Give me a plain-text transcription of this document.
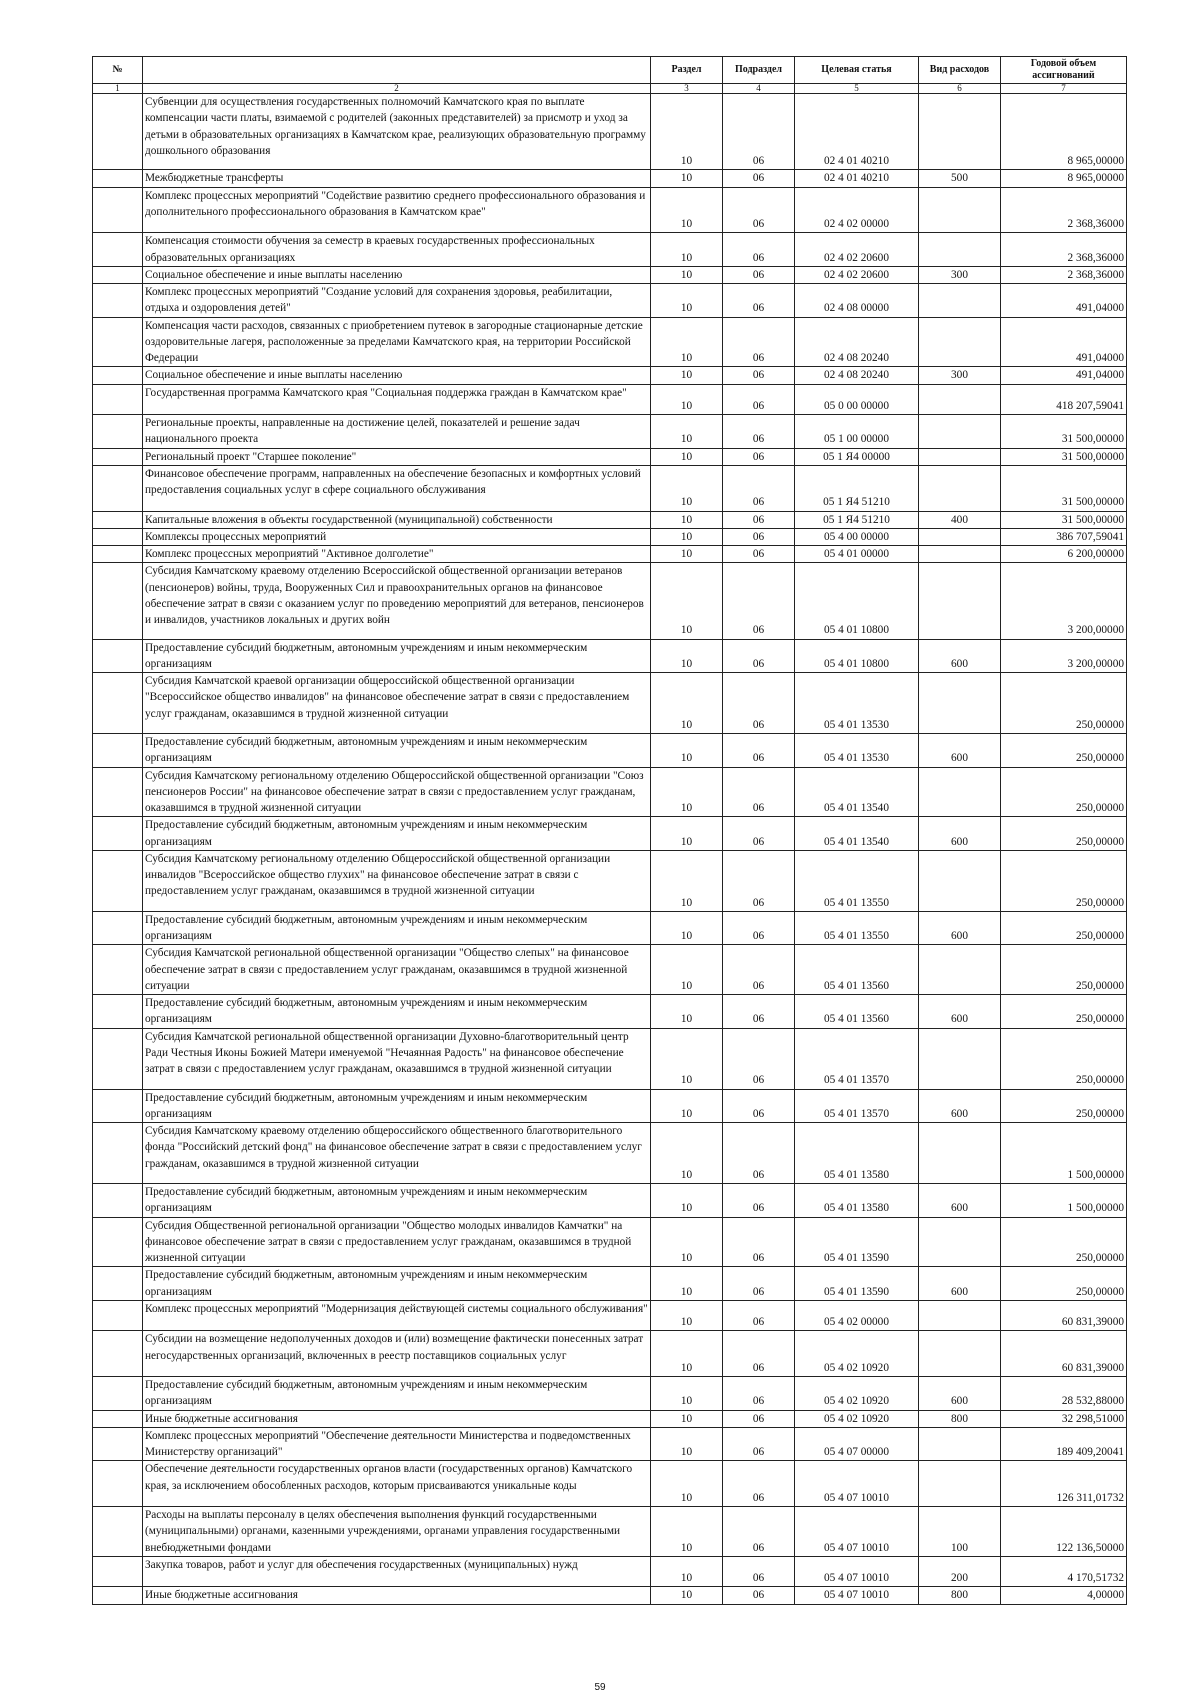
№		Раздел	Подраздел	Целевая статья	Вид расходов	Годовой объем ассигнований
1	2	3	4	5	6	7
	Субвенции для осуществления государственных полномочий Камчатского края по выплате компенсации части платы, взимаемой с родителей (законных представителей) за присмотр и уход за детьми в образовательных организациях в Камчатском крае, реализующих образовательную программу дошкольного образования	10	06	02 4 01 40210		8 965,00000
	Межбюджетные трансферты	10	06	02 4 01 40210	500	8 965,00000
	Комплекс процессных мероприятий "Содействие развитию среднего профессионального образования и дополнительного профессионального образования в Камчатском крае"	10	06	02 4 02 00000		2 368,36000
	Компенсация стоимости обучения за семестр в краевых государственных профессиональных образовательных организациях	10	06	02 4 02 20600		2 368,36000
	Социальное обеспечение и иные выплаты населению	10	06	02 4 02 20600	300	2 368,36000
	Комплекс процессных мероприятий "Создание условий для сохранения здоровья, реабилитации, отдыха и оздоровления детей"	10	06	02 4 08 00000		491,04000
	Компенсация части расходов, связанных с приобретением путевок в загородные стационарные детские оздоровительные лагеря, расположенные за пределами Камчатского края, на территории Российской Федерации	10	06	02 4 08 20240		491,04000
	Социальное обеспечение и иные выплаты населению	10	06	02 4 08 20240	300	491,04000
	Государственная программа Камчатского края "Социальная поддержка граждан в Камчатском крае"	10	06	05 0 00 00000		418 207,59041
	Региональные проекты, направленные на достижение целей, показателей и решение задач национального проекта	10	06	05 1 00 00000		31 500,00000
	Региональный проект "Старшее поколение"	10	06	05 1 Я4 00000		31 500,00000
	Финансовое обеспечение программ, направленных на обеспечение безопасных и комфортных условий предоставления социальных услуг в сфере социального обслуживания	10	06	05 1 Я4 51210		31 500,00000
	Капитальные вложения в объекты государственной (муниципальной) собственности	10	06	05 1 Я4 51210	400	31 500,00000
	Комплексы процессных мероприятий	10	06	05 4 00 00000		386 707,59041
	Комплекс процессных мероприятий "Активное долголетие"	10	06	05 4 01 00000		6 200,00000
	Субсидия Камчатскому краевому отделению Всероссийской общественной организации ветеранов (пенсионеров) войны, труда, Вооруженных Сил и правоохранительных органов на финансовое обеспечение затрат в связи с оказанием услуг по проведению мероприятий для ветеранов, пенсионеров и инвалидов, участников локальных и других войн	10	06	05 4 01 10800		3 200,00000
	Предоставление субсидий бюджетным, автономным учреждениям и иным некоммерческим организациям	10	06	05 4 01 10800	600	3 200,00000
	Субсидия Камчатской краевой организации общероссийской общественной организации "Всероссийское общество инвалидов" на финансовое обеспечение затрат в связи с предоставлением услуг гражданам, оказавшимся в трудной жизненной ситуации	10	06	05 4 01 13530		250,00000
	Предоставление субсидий бюджетным, автономным учреждениям и иным некоммерческим организациям	10	06	05 4 01 13530	600	250,00000
	Субсидия Камчатскому региональному отделению Общероссийской общественной организации "Союз пенсионеров России" на финансовое обеспечение затрат в связи с предоставлением услуг гражданам, оказавшимся в трудной жизненной ситуации	10	06	05 4 01 13540		250,00000
	Предоставление субсидий бюджетным, автономным учреждениям и иным некоммерческим организациям	10	06	05 4 01 13540	600	250,00000
	Субсидия Камчатскому региональному отделению Общероссийской общественной организации инвалидов "Всероссийское общество глухих" на финансовое обеспечение затрат в связи с предоставлением услуг гражданам, оказавшимся в трудной жизненной ситуации	10	06	05 4 01 13550		250,00000
	Предоставление субсидий бюджетным, автономным учреждениям и иным некоммерческим организациям	10	06	05 4 01 13550	600	250,00000
	Субсидия Камчатской региональной общественной организации "Общество слепых" на финансовое обеспечение затрат в связи с предоставлением услуг гражданам, оказавшимся в трудной жизненной ситуации	10	06	05 4 01 13560		250,00000
	Предоставление субсидий бюджетным, автономным учреждениям и иным некоммерческим организациям	10	06	05 4 01 13560	600	250,00000
	Субсидия Камчатской региональной общественной организации Духовно-благотворительный центр Ради Честныя Иконы Божией Матери именуемой "Нечаянная Радость" на финансовое обеспечение затрат в связи с предоставлением услуг гражданам, оказавшимся в трудной жизненной ситуации	10	06	05 4 01 13570		250,00000
	Предоставление субсидий бюджетным, автономным учреждениям и иным некоммерческим организациям	10	06	05 4 01 13570	600	250,00000
	Субсидия Камчатскому краевому отделению общероссийского общественного благотворительного фонда "Российский детский фонд" на финансовое обеспечение затрат в связи с предоставлением услуг гражданам, оказавшимся в трудной жизненной ситуации	10	06	05 4 01 13580		1 500,00000
	Предоставление субсидий бюджетным, автономным учреждениям и иным некоммерческим организациям	10	06	05 4 01 13580	600	1 500,00000
	Субсидия Общественной региональной организации "Общество молодых инвалидов Камчатки" на финансовое обеспечение затрат в связи с предоставлением услуг гражданам, оказавшимся в трудной жизненной ситуации	10	06	05 4 01 13590		250,00000
	Предоставление субсидий бюджетным, автономным учреждениям и иным некоммерческим организациям	10	06	05 4 01 13590	600	250,00000
	Комплекс процессных мероприятий "Модернизация действующей системы социального обслуживания"	10	06	05 4 02 00000		60 831,39000
	Субсидии на возмещение недополученных доходов и (или) возмещение фактически понесенных затрат негосударственных организаций, включенных в реестр поставщиков социальных услуг	10	06	05 4 02 10920		60 831,39000
	Предоставление субсидий бюджетным, автономным учреждениям и иным некоммерческим организациям	10	06	05 4 02 10920	600	28 532,88000
	Иные бюджетные ассигнования	10	06	05 4 02 10920	800	32 298,51000
	Комплекс процессных мероприятий "Обеспечение деятельности Министерства и подведомственных Министерству организаций"	10	06	05 4 07 00000		189 409,20041
	Обеспечение деятельности государственных органов власти (государственных органов) Камчатского края, за исключением обособленных расходов, которым присваиваются уникальные коды	10	06	05 4 07 10010		126 311,01732
	Расходы на выплаты персоналу в целях обеспечения выполнения функций государственными (муниципальными) органами, казенными учреждениями, органами управления государственными внебюджетными фондами	10	06	05 4 07 10010	100	122 136,50000
	Закупка товаров, работ и услуг для обеспечения государственных (муниципальных) нужд	10	06	05 4 07 10010	200	4 170,51732
	Иные бюджетные ассигнования	10	06	05 4 07 10010	800	4,00000
59
